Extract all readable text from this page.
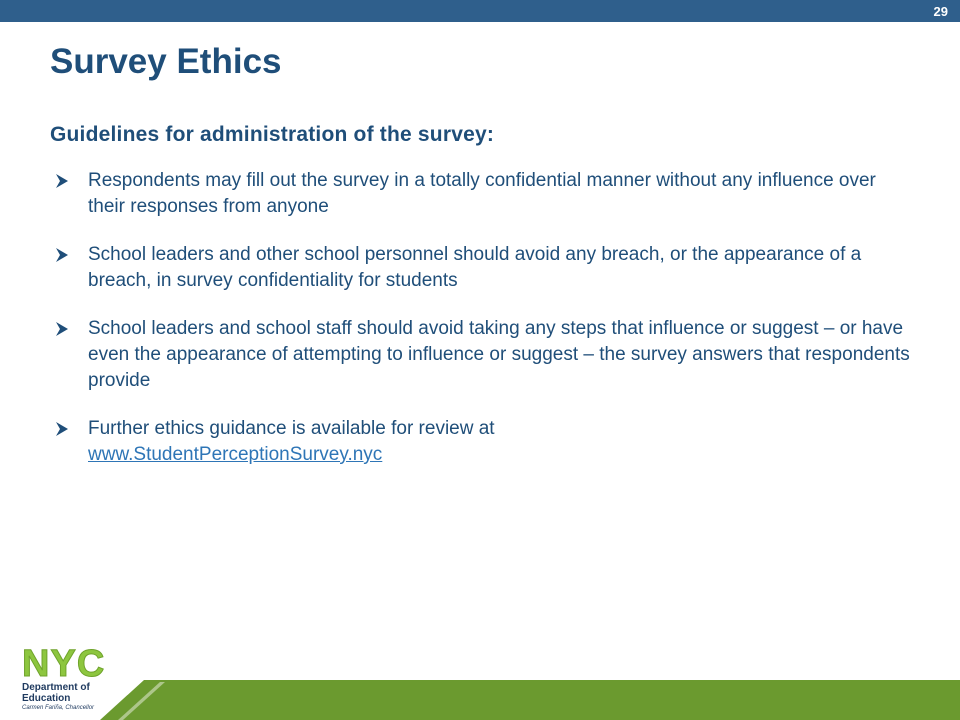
29
Survey Ethics
Guidelines for administration of the survey:
Respondents may fill out the survey in a totally confidential manner without any influence over their responses from anyone
School leaders and other school personnel should avoid any breach, or the appearance of a breach, in survey confidentiality for students
School leaders and school staff should avoid taking any steps that influence or suggest – or have even the appearance of attempting to influence or suggest – the survey answers that respondents provide
Further ethics guidance is available for review at
www.StudentPerceptionSurvey.nyc
N Y C

Department of

Education

Carmen Fariña, Chancellor
